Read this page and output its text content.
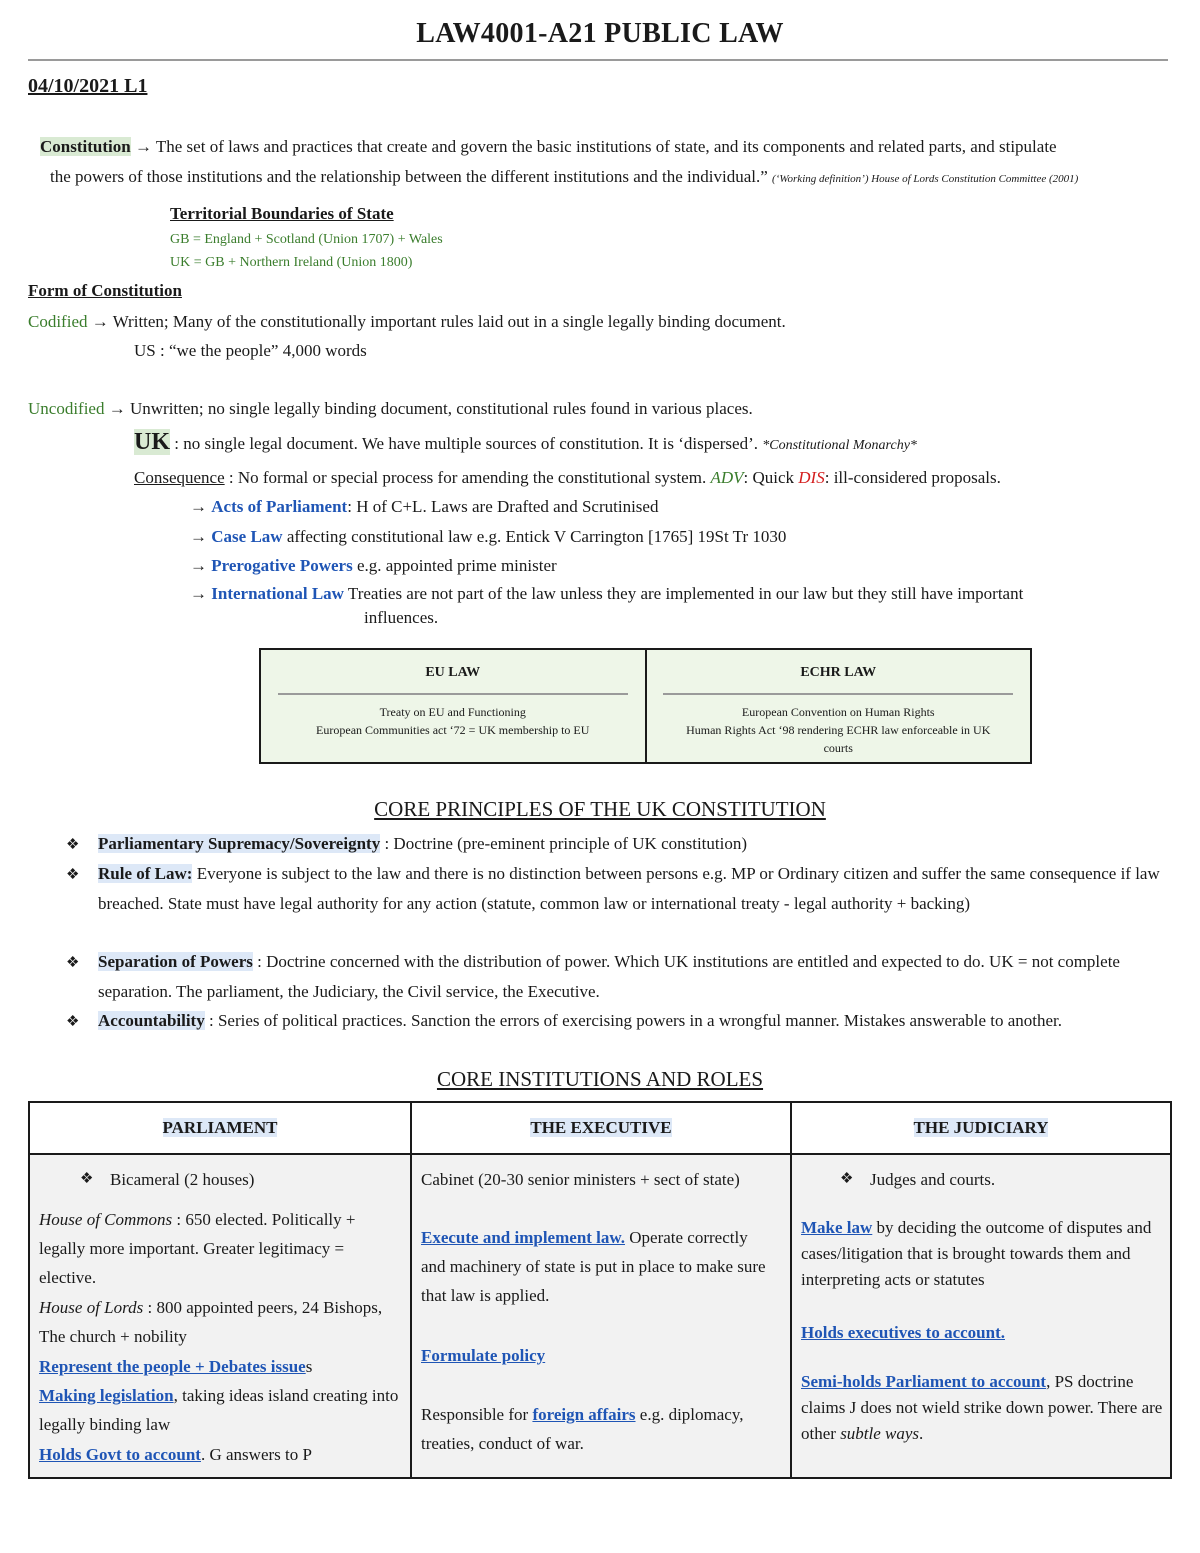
LAW4001-A21 PUBLIC LAW
04/10/2021 L1
Constitution → The set of laws and practices that create and govern the basic institutions of state, and its components and related parts, and stipulate
the powers of those institutions and the relationship between the different institutions and the individual.” (‘Working definition’) House of Lords Constitution Committee (2001)
Territorial Boundaries of State
GB = England + Scotland (Union 1707) + Wales
UK = GB + Northern Ireland (Union 1800)
Form of Constitution
Codified → Written; Many of the constitutionally important rules laid out in a single legally binding document.
US : “we the people” 4,000 words
Uncodified → Unwritten; no single legally binding document, constitutional rules found in various places.
UK : no single legal document. We have multiple sources of constitution. It is ‘dispersed’. *Constitutional Monarchy*
Consequence : No formal or special process for amending the constitutional system. ADV: Quick DIS: ill-considered proposals.
→ Acts of Parliament: H of C+L. Laws are Drafted and Scrutinised
→ Case Law affecting constitutional law e.g. Entick V Carrington [1765] 19St Tr 1030
→ Prerogative Powers e.g. appointed prime minister
→ International Law Treaties are not part of the law unless they are implemented in our law but they still have important
influences.
EU LAW
Treaty on EU and Functioning
European Communities act ‘72 = UK membership to EU
ECHR LAW
European Convention on Human Rights
Human Rights Act ‘98 rendering ECHR law enforceable in UK courts
CORE PRINCIPLES OF THE UK CONSTITUTION
❖ Parliamentary Supremacy/Sovereignty : Doctrine (pre-eminent principle of UK constitution)
❖ Rule of Law: Everyone is subject to the law and there is no distinction between persons e.g. MP or Ordinary citizen and suffer the same consequence if law breached. State must have legal authority for any action (statute, common law or international treaty - legal authority + backing)
❖ Separation of Powers : Doctrine concerned with the distribution of power. Which UK institutions are entitled and expected to do. UK = not complete separation. The parliament, the Judiciary, the Civil service, the Executive.
❖ Accountability : Series of political practices. Sanction the errors of exercising powers in a wrongful manner. Mistakes answerable to another.
CORE INSTITUTIONS AND ROLES
PARLIAMENT	THE EXECUTIVE	THE JUDICIARY
❖ Bicameral (2 houses)
House of Commons : 650 elected. Politically + legally more important. Greater legitimacy = elective.
House of Lords : 800 appointed peers, 24 Bishops, The church + nobility
Represent the people + Debates issues
Making legislation, taking ideas island creating into legally binding law
Holds Govt to account. G answers to P
Cabinet (20-30 senior ministers + sect of state)
Execute and implement law. Operate correctly and machinery of state is put in place to make sure that law is applied.
Formulate policy
Responsible for foreign affairs e.g. diplomacy, treaties, conduct of war.
❖ Judges and courts.
Make law by deciding the outcome of disputes and cases/litigation that is brought towards them and interpreting acts or statutes
Holds executives to account.
Semi-holds Parliament to account, PS doctrine claims J does not wield strike down power. There are other subtle ways.
